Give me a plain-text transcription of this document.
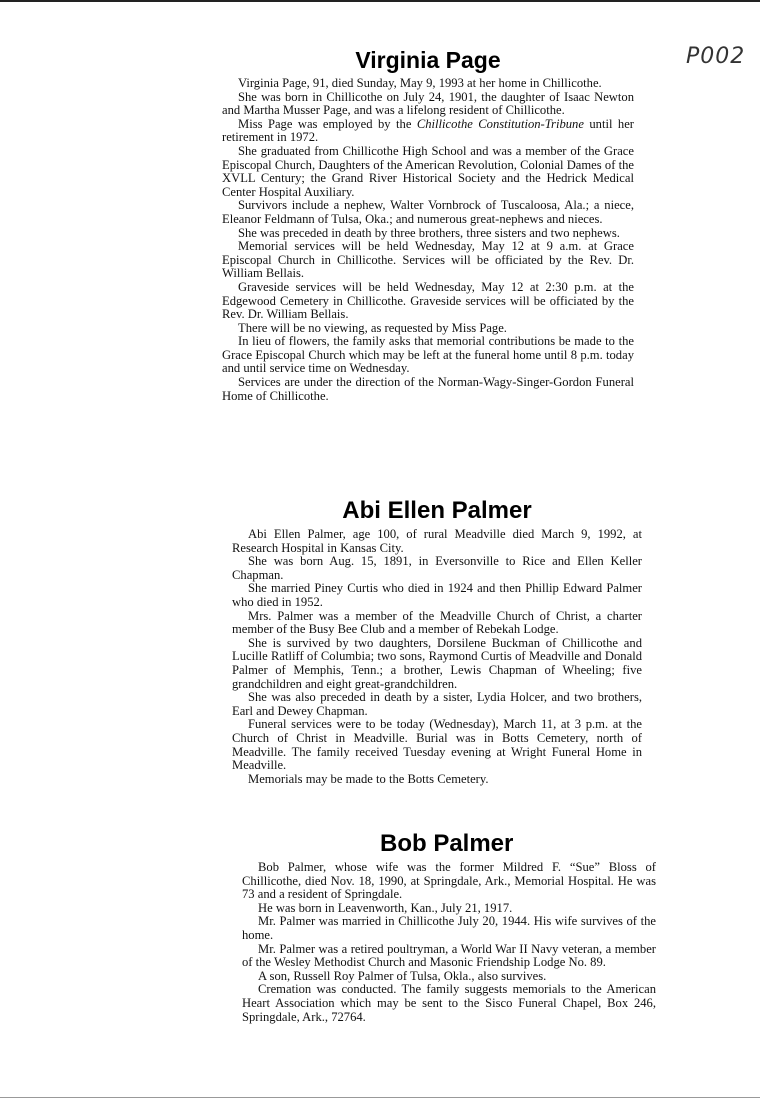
P002
Virginia Page

Virginia Page, 91, died Sunday, May 9, 1993 at her home in Chillicothe.

She was born in Chillicothe on July 24, 1901, the daughter of Isaac Newton and Martha Musser Page, and was a lifelong resident of Chillicothe.

Miss Page was employed by the Chillicothe Constitution-Tribune until her retirement in 1972.

She graduated from Chillicothe High School and was a member of the Grace Episcopal Church, Daughters of the American Revolution, Colonial Dames of the XVLL Century; the Grand River Historical Society and the Hedrick Medical Center Hospital Auxiliary.

Survivors include a nephew, Walter Vornbrock of Tuscaloosa, Ala.; a niece, Eleanor Feldmann of Tulsa, Oka.; and numerous great-nephews and nieces.

She was preceded in death by three brothers, three sisters and two nephews.

Memorial services will be held Wednesday, May 12 at 9 a.m. at Grace Episcopal Church in Chillicothe. Services will be officiated by the Rev. Dr. William Bellais.

Graveside services will be held Wednesday, May 12 at 2:30 p.m. at the Edgewood Cemetery in Chillicothe. Graveside services will be officiated by the Rev. Dr. William Bellais.

There will be no viewing, as requested by Miss Page.

In lieu of flowers, the family asks that memorial contributions be made to the Grace Episcopal Church which may be left at the funeral home until 8 p.m. today and until service time on Wednesday.

Services are under the direction of the Norman-Wagy-Singer-Gordon Funeral Home of Chillicothe.

Abi Ellen Palmer

Abi Ellen Palmer, age 100, of rural Meadville died March 9, 1992, at Research Hospital in Kansas City.

She was born Aug. 15, 1891, in Eversonville to Rice and Ellen Keller Chapman.

She married Piney Curtis who died in 1924 and then Phillip Edward Palmer who died in 1952.

Mrs. Palmer was a member of the Meadville Church of Christ, a charter member of the Busy Bee Club and a member of Rebekah Lodge.

She is survived by two daughters, Dorsilene Buckman of Chillicothe and Lucille Ratliff of Columbia; two sons, Raymond Curtis of Meadville and Donald Palmer of Memphis, Tenn.; a brother, Lewis Chapman of Wheeling; five grandchildren and eight great-grandchildren.

She was also preceded in death by a sister, Lydia Holcer, and two brothers, Earl and Dewey Chapman.

Funeral services were to be today (Wednesday), March 11, at 3 p.m. at the Church of Christ in Meadville. Burial was in Botts Cemetery, north of Meadville. The family received Tuesday evening at Wright Funeral Home in Meadville.

Memorials may be made to the Botts Cemetery.

Bob Palmer

Bob Palmer, whose wife was the former Mildred F. “Sue” Bloss of Chillicothe, died Nov. 18, 1990, at Springdale, Ark., Memorial Hospital. He was 73 and a resident of Springdale.

He was born in Leavenworth, Kan., July 21, 1917.

Mr. Palmer was married in Chillicothe July 20, 1944. His wife survives of the home.

Mr. Palmer was a retired poultryman, a World War II Navy veteran, a member of the Wesley Methodist Church and Masonic Friendship Lodge No. 89.

A son, Russell Roy Palmer of Tulsa, Okla., also survives.

Cremation was conducted. The family suggests memorials to the American Heart Association which may be sent to the Sisco Funeral Chapel, Box 246, Springdale, Ark., 72764.
